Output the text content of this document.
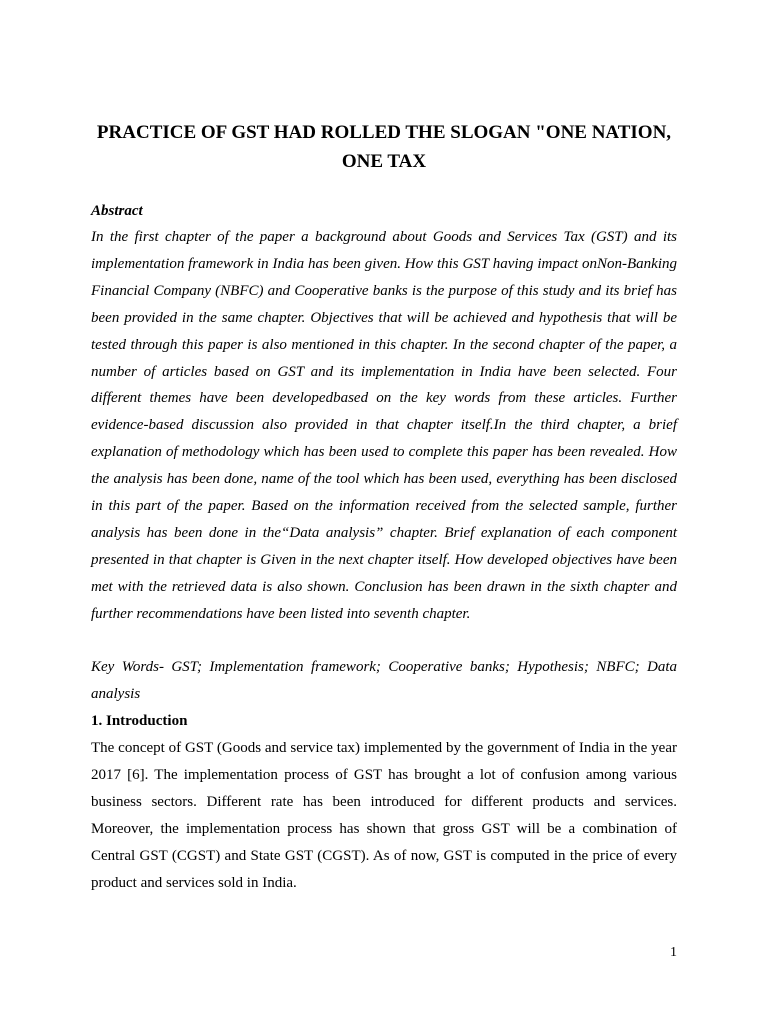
PRACTICE OF GST HAD ROLLED THE SLOGAN "ONE NATION, ONE TAX

Abstract

In the first chapter of the paper a background about Goods and Services Tax (GST) and its implementation framework in India has been given. How this GST having impact onNon-Banking Financial Company (NBFC) and Cooperative banks is the purpose of this study and its brief has been provided in the same chapter. Objectives that will be achieved and hypothesis that will be tested through this paper is also mentioned in this chapter. In the second chapter of the paper, a number of articles based on GST and its implementation in India have been selected. Four different themes have been developedbased on the key words from these articles. Further evidence-based discussion also provided in that chapter itself.In the third chapter, a brief explanation of methodology which has been used to complete this paper has been revealed. How the analysis has been done, name of the tool which has been used, everything has been disclosed in this part of the paper. Based on the information received from the selected sample, further analysis has been done in the“Data analysis” chapter. Brief explanation of each component presented in that chapter is Given in the next chapter itself. How developed objectives have been met with the retrieved data is also shown. Conclusion has been drawn in the sixth chapter and further recommendations have been listed into seventh chapter.

Key Words- GST; Implementation framework; Cooperative banks; Hypothesis; NBFC; Data analysis

1. Introduction

The concept of GST (Goods and service tax) implemented by the government of India in the year 2017 [6]. The implementation process of GST has brought a lot of confusion among various business sectors. Different rate has been introduced for different products and services. Moreover, the implementation process has shown that gross GST will be a combination of Central GST (CGST) and State GST (CGST). As of now, GST is computed in the price of every product and services sold in India.

1
